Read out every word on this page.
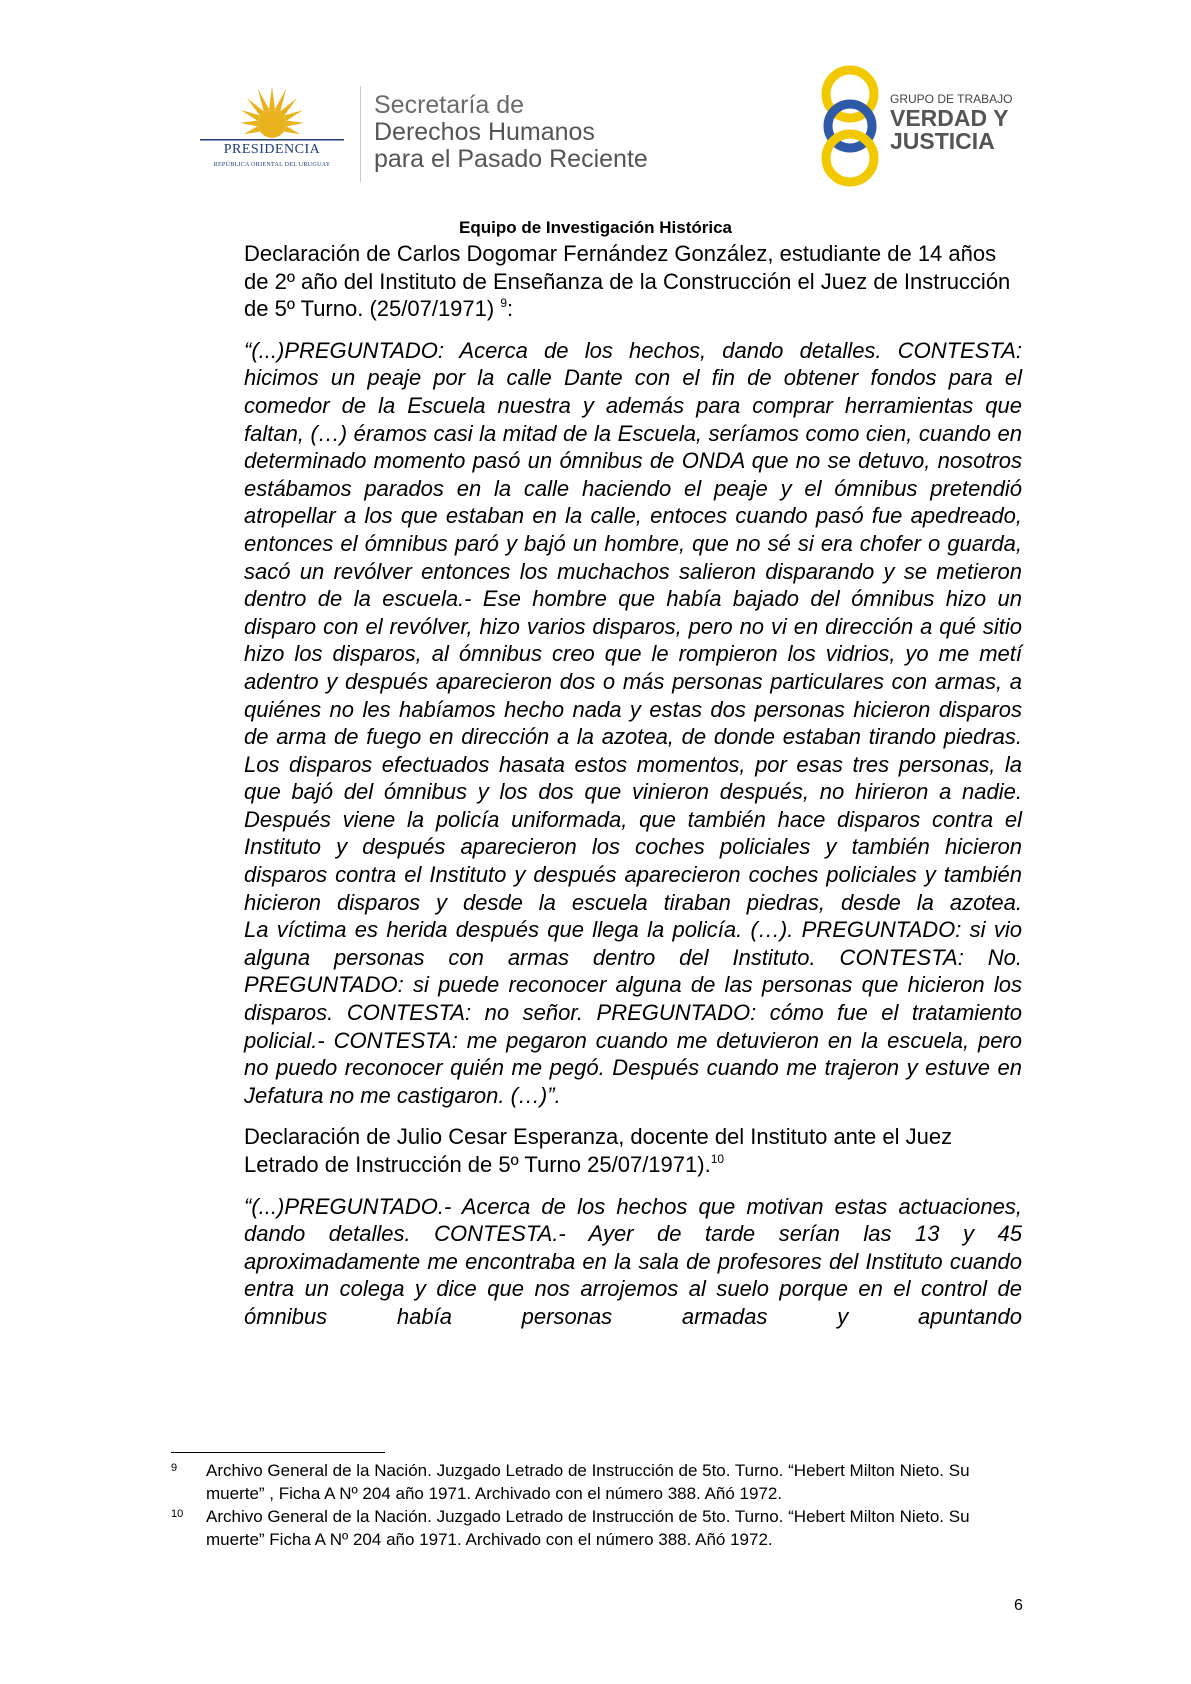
PRESIDENCIA
REPÚBLICA ORIENTAL DEL URUGUAY
Secretaría de
Derechos Humanos
para el Pasado Reciente
GRUPO DE TRABAJO
VERDAD Y
JUSTICIA
Equipo de Investigación Histórica

Declaración de Carlos Dogomar Fernández González, estudiante de 14 años de 2º año del Instituto de Enseñanza de la Construcción el Juez de Instrucción de 5º Turno. (25/07/1971) $^9$:

“(...)PREGUNTADO: Acerca de los hechos, dando detalles. CONTESTA: hicimos un peaje por la calle Dante con el fin de obtener fondos para el comedor de la Escuela nuestra y además para comprar herramientas que faltan, (…) éramos casi la mitad de la Escuela, seríamos como cien, cuando en determinado momento pasó un ómnibus de ONDA que no se detuvo, nosotros estábamos parados en la calle haciendo el peaje y el ómnibus pretendió atropellar a los que estaban en la calle, entoces cuando pasó fue apedreado, entonces el ómnibus paró y bajó un hombre, que no sé si era chofer o guarda, sacó un revólver entonces los muchachos salieron disparando y se metieron dentro de la escuela.- Ese hombre que había bajado del ómnibus hizo un disparo con el revólver, hizo varios disparos, pero no vi en dirección a qué sitio hizo los disparos, al ómnibus creo que le rompieron los vidrios, yo me metí adentro y después aparecieron dos o más personas particulares con armas, a quiénes no les habíamos hecho nada y estas dos personas hicieron disparos de arma de fuego en dirección a la azotea, de donde estaban tirando piedras. Los disparos efectuados hasata estos momentos, por esas tres personas, la que bajó del ómnibus y los dos que vinieron después, no hirieron a nadie. Después viene la policía uniformada, que también hace disparos contra el Instituto y después aparecieron los coches policiales y también hicieron disparos contra el Instituto y después aparecieron coches policiales y también hicieron disparos y desde la escuela tiraban piedras, desde la azotea.

La víctima es herida después que llega la policía. (…). PREGUNTADO: si vio alguna personas con armas dentro del Instituto. CONTESTA: No. PREGUNTADO: si puede reconocer alguna de las personas que hicieron los disparos. CONTESTA: no señor. PREGUNTADO: cómo fue el tratamiento policial.- CONTESTA: me pegaron cuando me detuvieron en la escuela, pero no puedo reconocer quién me pegó. Después cuando me trajeron y estuve en Jefatura no me castigaron. (…)”.

Declaración de Julio Cesar Esperanza, docente del Instituto ante el Juez Letrado de Instrucción de 5º Turno 25/07/1971).$^{10}$

“(...)PREGUNTADO.- Acerca de los hechos que motivan estas actuaciones, dando detalles. CONTESTA.- Ayer de tarde serían las 13 y 45 aproximadamente me encontraba en la sala de profesores del Instituto cuando entra un colega y dice que nos arrojemos al suelo porque en el control de ómnibus había personas armadas y apuntando

9 Archivo General de la Nación. Juzgado Letrado de Instrucción de 5to. Turno. “Hebert Milton Nieto. Su muerte” , Ficha A Nº 204 año 1971. Archivado con el número 388. Añó 1972.
10 Archivo General de la Nación. Juzgado Letrado de Instrucción de 5to. Turno. “Hebert Milton Nieto. Su muerte” Ficha A Nº 204 año 1971. Archivado con el número 388. Añó 1972.
6
